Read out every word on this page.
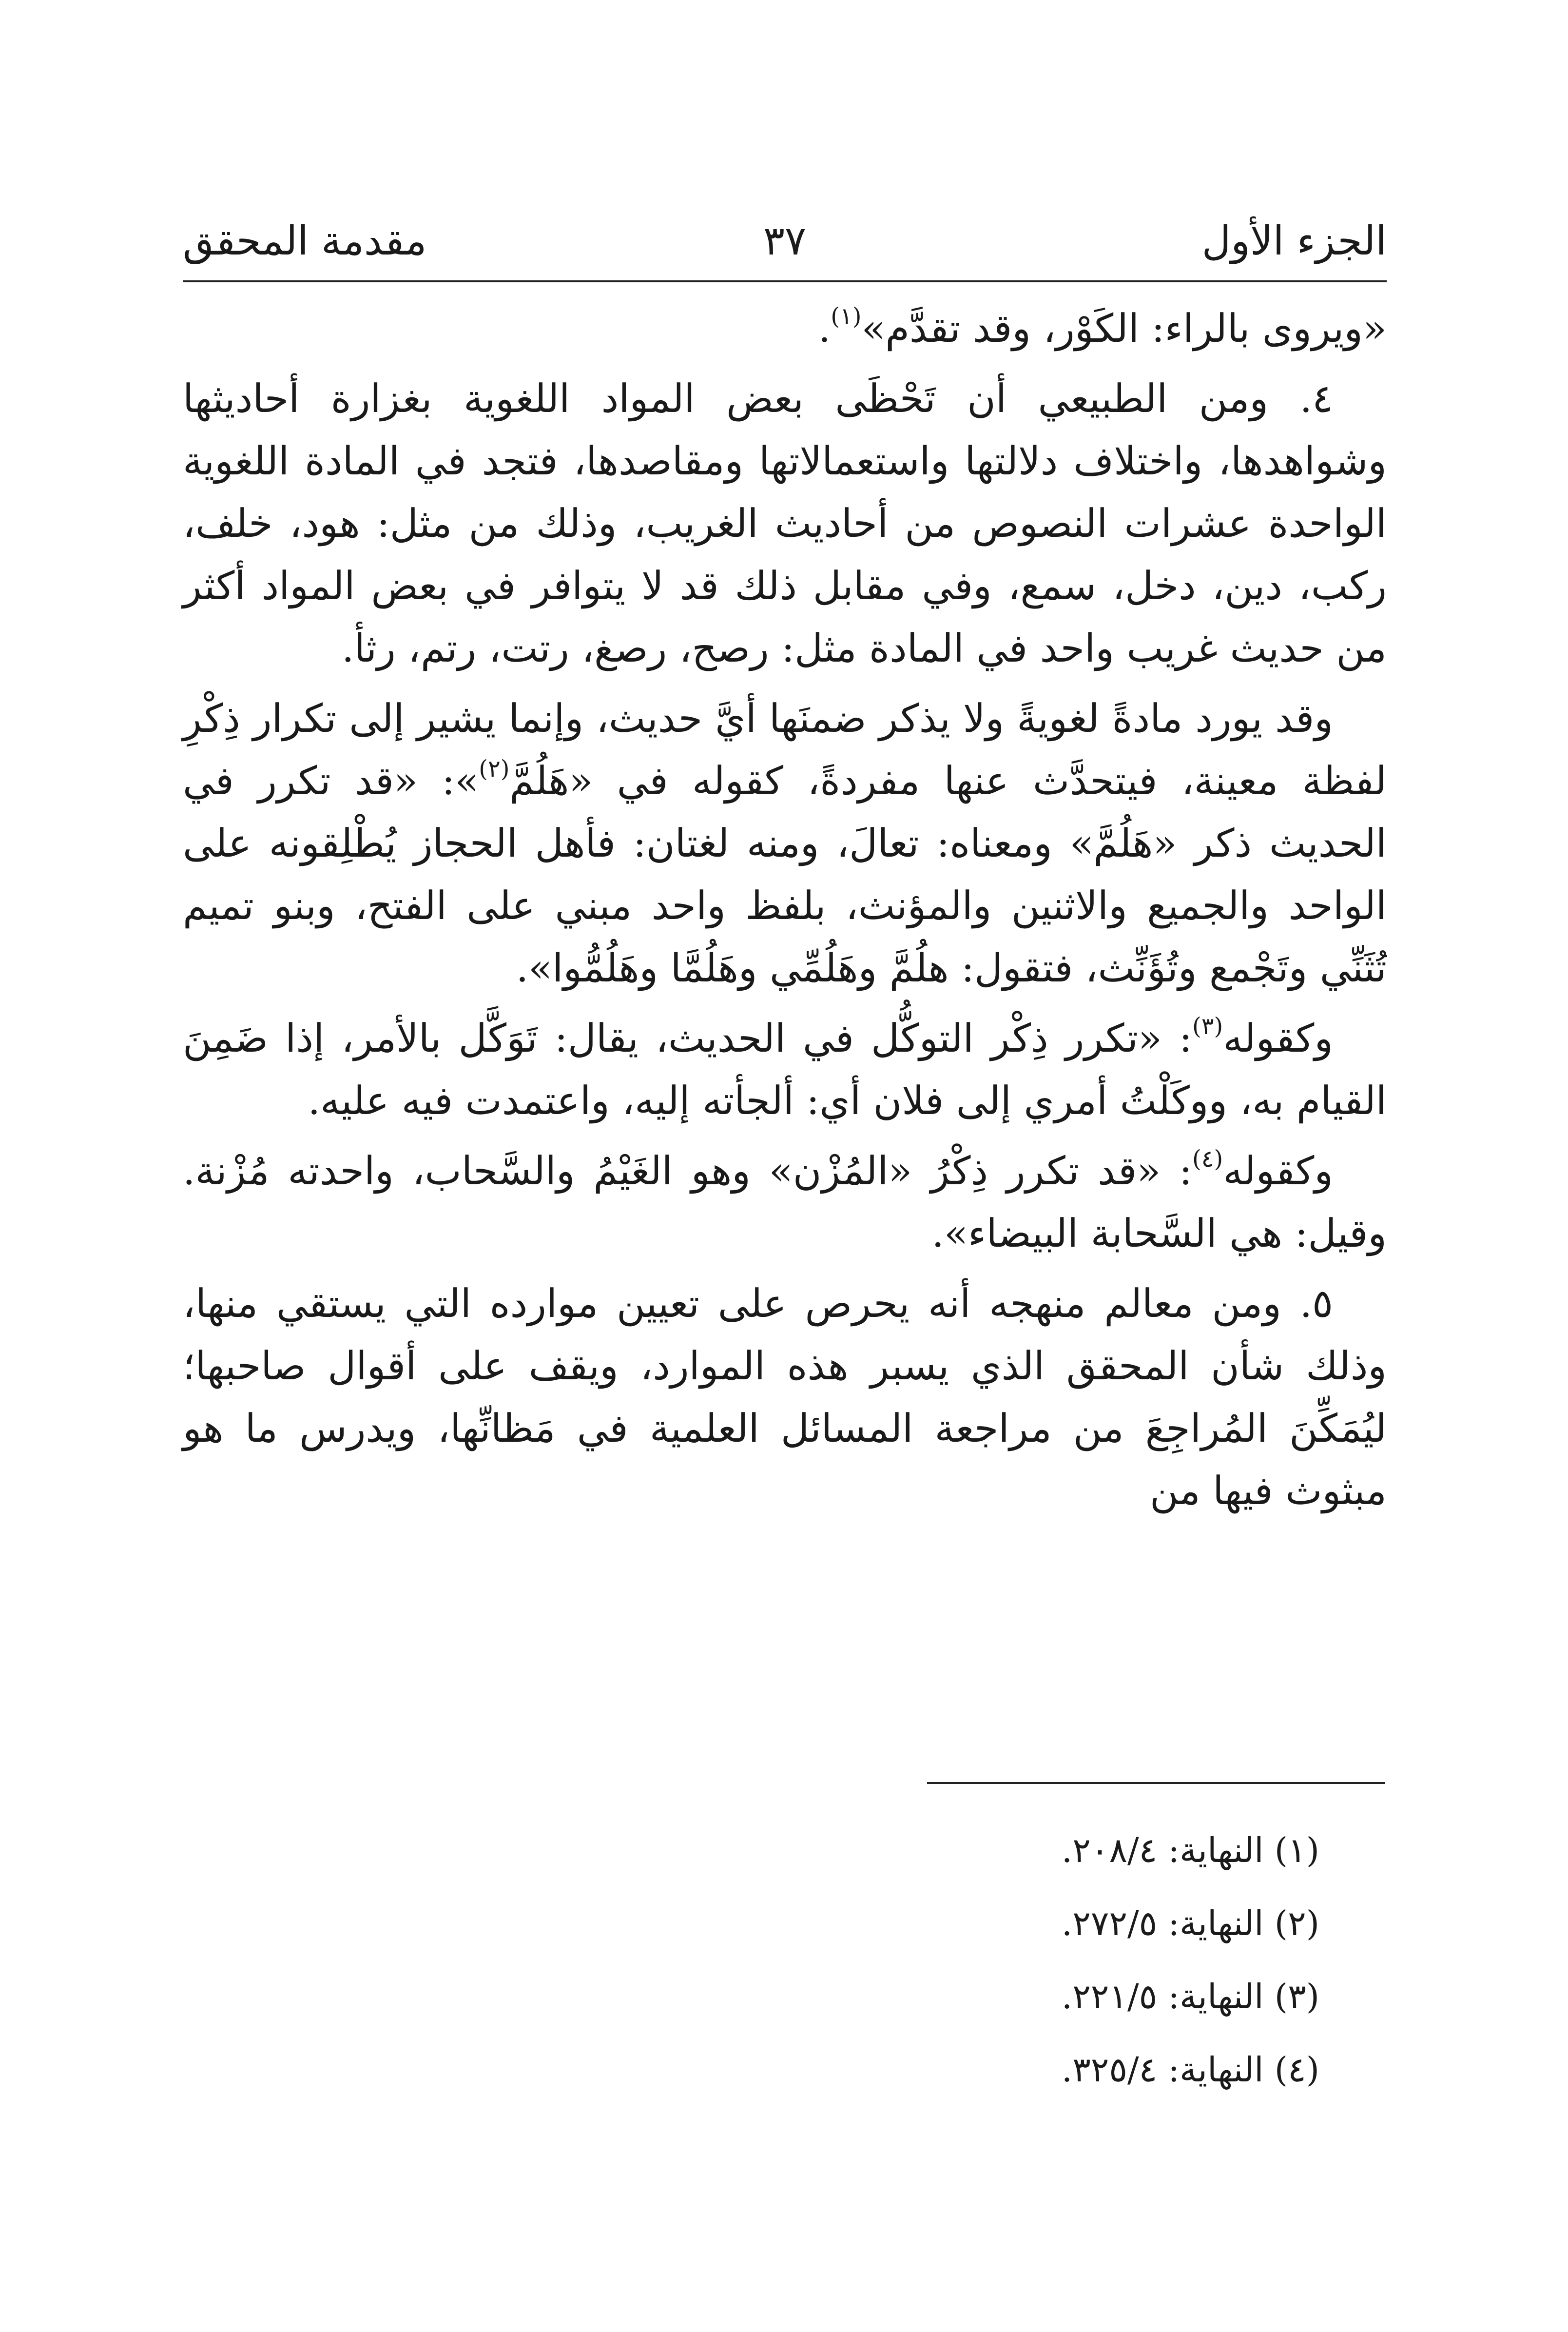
الجزء الأول
٣٧
مقدمة المحقق

«ويروى بالراء: الكَوْر، وقد تقدَّم»$^{(١)}$.

٤. ومن الطبيعي أن تَحْظَى بعض المواد اللغوية بغزارة أحاديثها وشواهدها، واختلاف دلالتها واستعمالاتها ومقاصدها، فتجد في المادة اللغوية الواحدة عشرات النصوص من أحاديث الغريب، وذلك من مثل: هود، خلف، ركب، دين، دخل، سمع، وفي مقابل ذلك قد لا يتوافر في بعض المواد أكثر من حديث غريب واحد في المادة مثل: رصح، رصغ، رتت، رتم، رثأ.

وقد يورد مادةً لغويةً ولا يذكر ضمنَها أيَّ حديث، وإنما يشير إلى تكرار ذِكْرِ لفظة معينة، فيتحدَّث عنها مفردةً، كقوله في «هَلُمَّ$^{(٢)}$»: «قد تكرر في الحديث ذكر «هَلُمَّ» ومعناه: تعالَ، ومنه لغتان: فأهل الحجاز يُطْلِقونه على الواحد والجميع والاثنين والمؤنث، بلفظ واحد مبني على الفتح، وبنو تميم تُثَنِّي وتَجْمع وتُؤَنِّث، فتقول: هلُمَّ وهَلُمِّي وهَلُمَّا وهَلُمُّوا».

وكقوله$^{(٣)}$: «تكرر ذِكْر التوكُّل في الحديث، يقال: تَوَكَّل بالأمر، إذا ضَمِنَ القيام به، ووكَلْتُ أمري إلى فلان أي: ألجأته إليه، واعتمدت فيه عليه.

وكقوله$^{(٤)}$: «قد تكرر ذِكْرُ «المُزْن» وهو الغَيْمُ والسَّحاب، واحدته مُزْنة. وقيل: هي السَّحابة البيضاء».

٥. ومن معالم منهجه أنه يحرص على تعيين موارده التي يستقي منها، وذلك شأن المحقق الذي يسبر هذه الموارد، ويقف على أقوال صاحبها؛ ليُمَكِّنَ المُراجِعَ من مراجعة المسائل العلمية في مَظانِّها، ويدرس ما هو مبثوث فيها من

(١) النهاية: ٢٠٨/٤.
(٢) النهاية: ٢٧٢/٥.
(٣) النهاية: ٢٢١/٥.
(٤) النهاية: ٣٢٥/٤.
